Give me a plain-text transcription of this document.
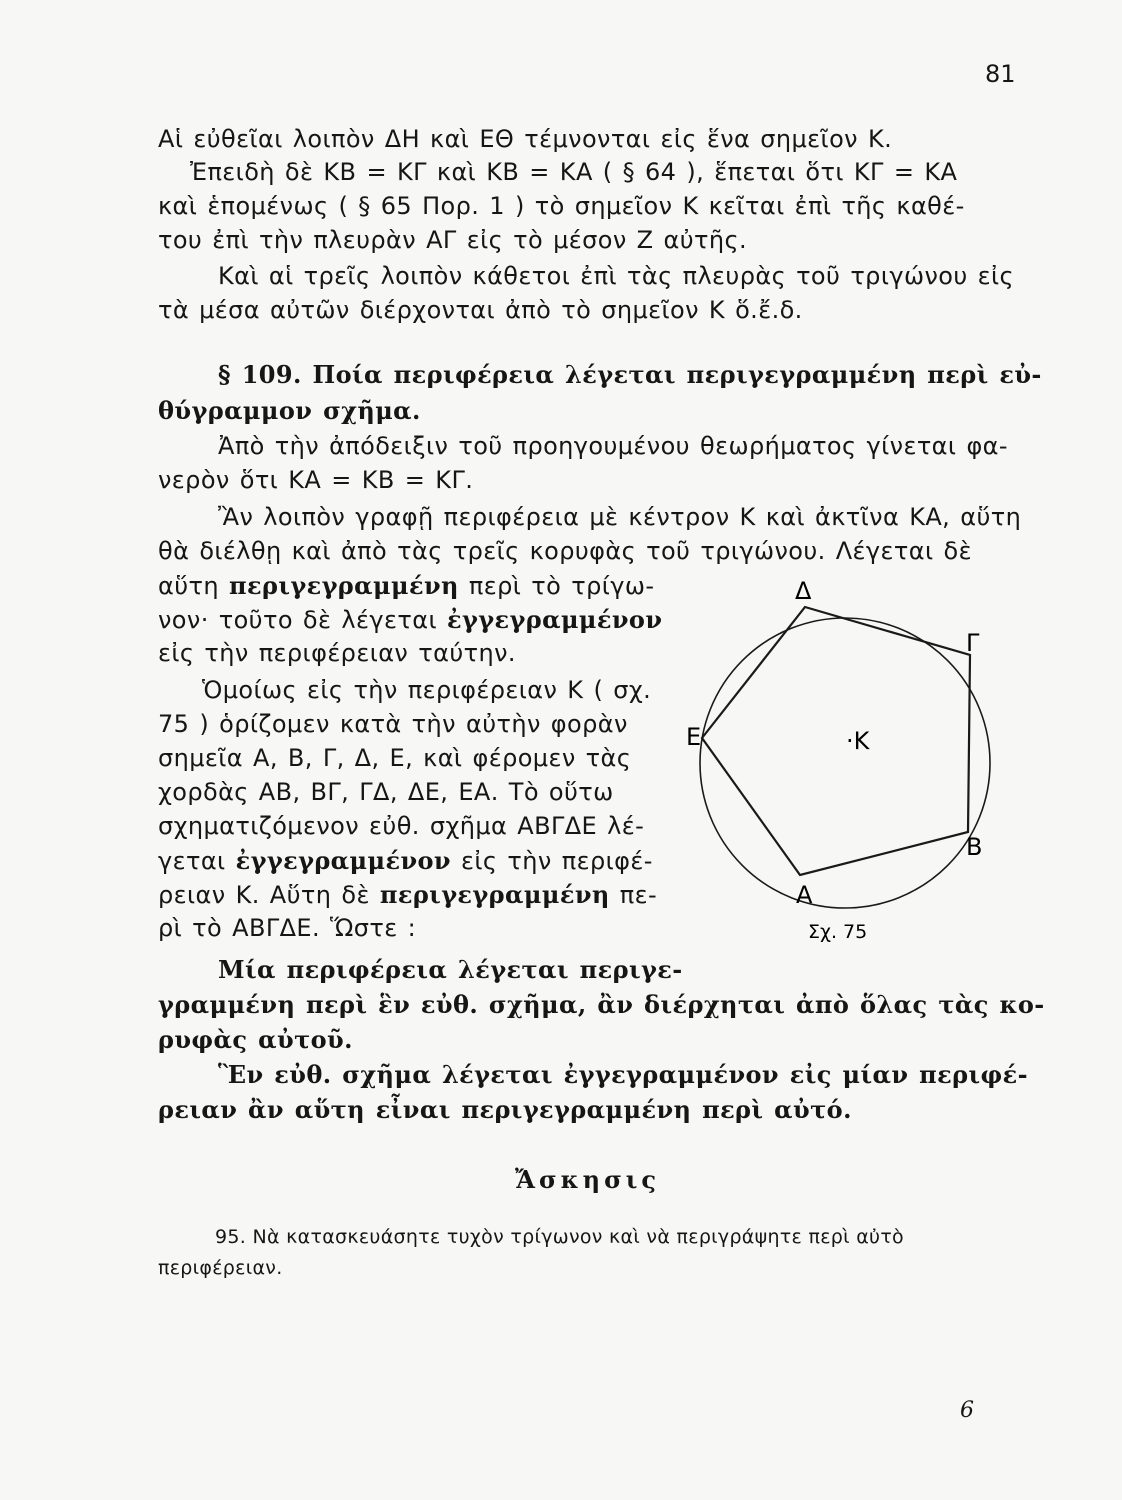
81
Αἱ εὐθεῖαι λοιπὸν ΔΗ καὶ ΕΘ τέμνονται εἰς ἕνα σημεῖον Κ.
Ἐπειδὴ δὲ ΚΒ = ΚΓ καὶ ΚΒ = ΚΑ ( § 64 ), ἕπεται ὅτι ΚΓ = ΚΑ
καὶ ἑπομένως ( § 65 Πορ. 1 ) τὸ σημεῖον Κ κεῖται ἐπὶ τῆς καθέ-
του ἐπὶ τὴν πλευρὰν ΑΓ εἰς τὸ μέσον Ζ αὐτῆς.
Καὶ αἱ τρεῖς λοιπὸν κάθετοι ἐπὶ τὰς πλευρὰς τοῦ τριγώνου εἰς
τὰ μέσα αὐτῶν διέρχονται ἀπὸ τὸ σημεῖον Κ ὅ.ἔ.δ.
§ 109. Ποία περιφέρεια λέγεται περιγεγραμμένη περὶ εὐ-
θύγραμμον σχῆμα.
Ἀπὸ τὴν ἀπόδειξιν τοῦ προηγουμένου θεωρήματος γίνεται φα-
νερὸν ὅτι ΚΑ = ΚΒ = ΚΓ.
Ἂν λοιπὸν γραφῇ περιφέρεια μὲ κέντρον Κ καὶ ἀκτῖνα ΚΑ, αὕτη
θὰ διέλθῃ καὶ ἀπὸ τὰς τρεῖς κορυφὰς τοῦ τριγώνου. Λέγεται δὲ
αὕτη περιγεγραμμένη περὶ τὸ τρίγω-
νον· τοῦτο δὲ λέγεται ἐγγεγραμμένον
εἰς τὴν περιφέρειαν ταύτην.
Ὁμοίως εἰς τὴν περιφέρειαν Κ ( σχ.
75 ) ὁρίζομεν κατὰ τὴν αὐτὴν φορὰν
σημεῖα Α, Β, Γ, Δ, Ε, καὶ φέρομεν τὰς
χορδὰς ΑΒ, ΒΓ, ΓΔ, ΔΕ, ΕΑ. Τὸ οὕτω
σχηματιζόμενον εὐθ. σχῆμα ΑΒΓΔΕ λέ-
γεται ἐγγεγραμμένον εἰς τὴν περιφέ-
ρειαν Κ. Αὕτη δὲ περιγεγραμμένη πε-
ρὶ τὸ ΑΒΓΔΕ. Ὥστε :
Δ
Γ
Ε	·Κ
Β
Α
Σχ. 75
Μία περιφέρεια λέγεται περιγε-
γραμμένη περὶ ἓν εὐθ. σχῆμα, ἂν διέρχηται ἀπὸ ὅλας τὰς κο-
ρυφὰς αὐτοῦ.
Ἓν εὐθ. σχῆμα λέγεται ἐγγεγραμμένον εἰς μίαν περιφέ-
ρειαν ἂν αὕτη εἶναι περιγεγραμμένη περὶ αὐτό.
Ἄσκησις
95. Νὰ κατασκευάσητε τυχὸν τρίγωνον καὶ νὰ περιγράψητε περὶ αὐτὸ
περιφέρειαν.
6
